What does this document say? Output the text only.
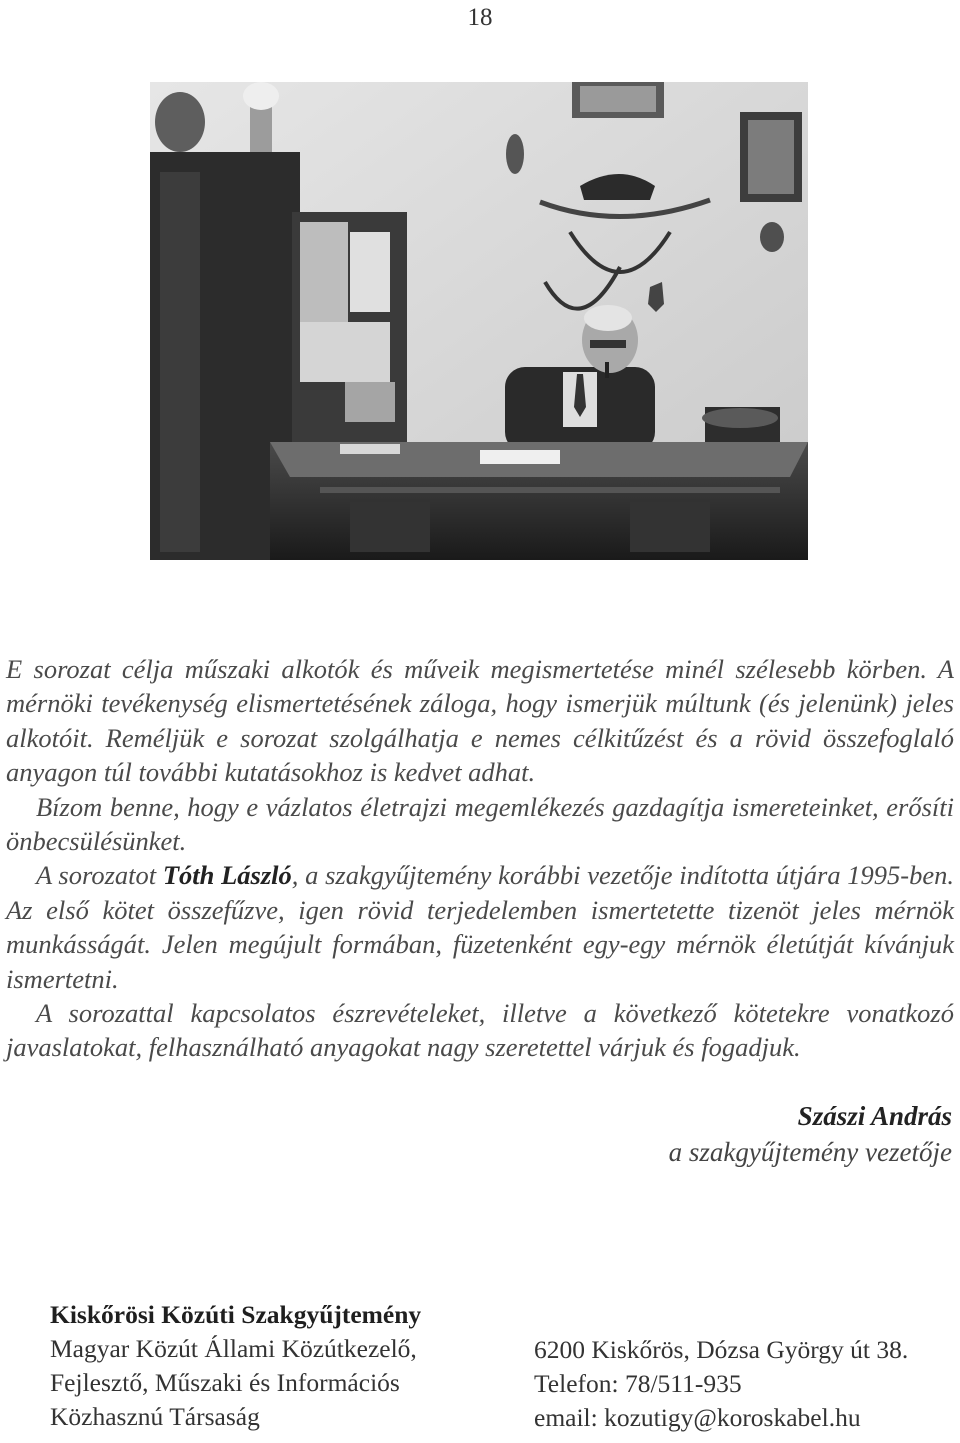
18

E sorozat célja műszaki alkotók és műveik megismertetése minél szélesebb körben. A mérnöki tevékenység elismertetésének záloga, hogy ismerjük múltunk (és jelenünk) jeles alkotóit. Reméljük e sorozat szolgálhatja e nemes célkitűzést és a rövid összefoglaló anyagon túl további kutatásokhoz is kedvet adhat.

Bízom benne, hogy e vázlatos életrajzi megemlékezés gazdagítja ismereteinket, erősíti önbecsülésünket.

A sorozatot Tóth László, a szakgyűjtemény korábbi vezetője indította útjára 1995-ben. Az első kötet összefűzve, igen rövid terjedelemben ismertetette tizenöt jeles mérnök munkásságát. Jelen megújult formában, füzetenként egy-egy mérnök életútját kívánjuk ismertetni.

A sorozattal kapcsolatos észrevételeket, illetve a következő kötetekre vonatkozó javaslatokat, felhasználható anyagokat nagy szeretettel várjuk és fogadjuk.

Szászi András
a szakgyűjtemény vezetője
Kiskőrösi Közúti Szakgyűjtemény
Magyar Közút Állami Közútkezelő,
Fejlesztő, Műszaki és Információs
Közhasznú Társaság
6200 Kiskőrös, Dózsa György út 38.
Telefon: 78/511-935
email: kozutigy@koroskabel.hu
